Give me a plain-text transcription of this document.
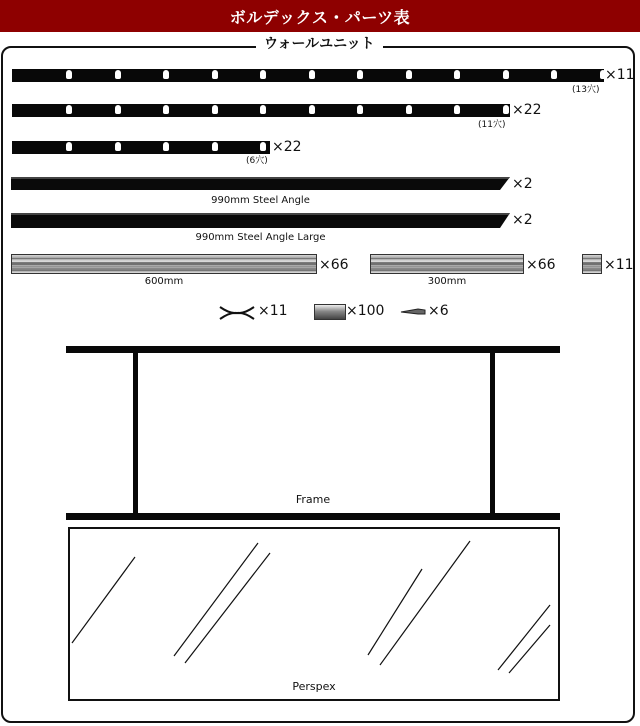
ボルデックス・パーツ表
ウォールユニット
×11
(13穴)
×22
(11穴)
×22
(6穴)
×2
990mm Steel Angle
×2
990mm Steel Angle Large
×66
600mm
×66
300mm
×11
×11	×100	×6
Frame
Perspex
